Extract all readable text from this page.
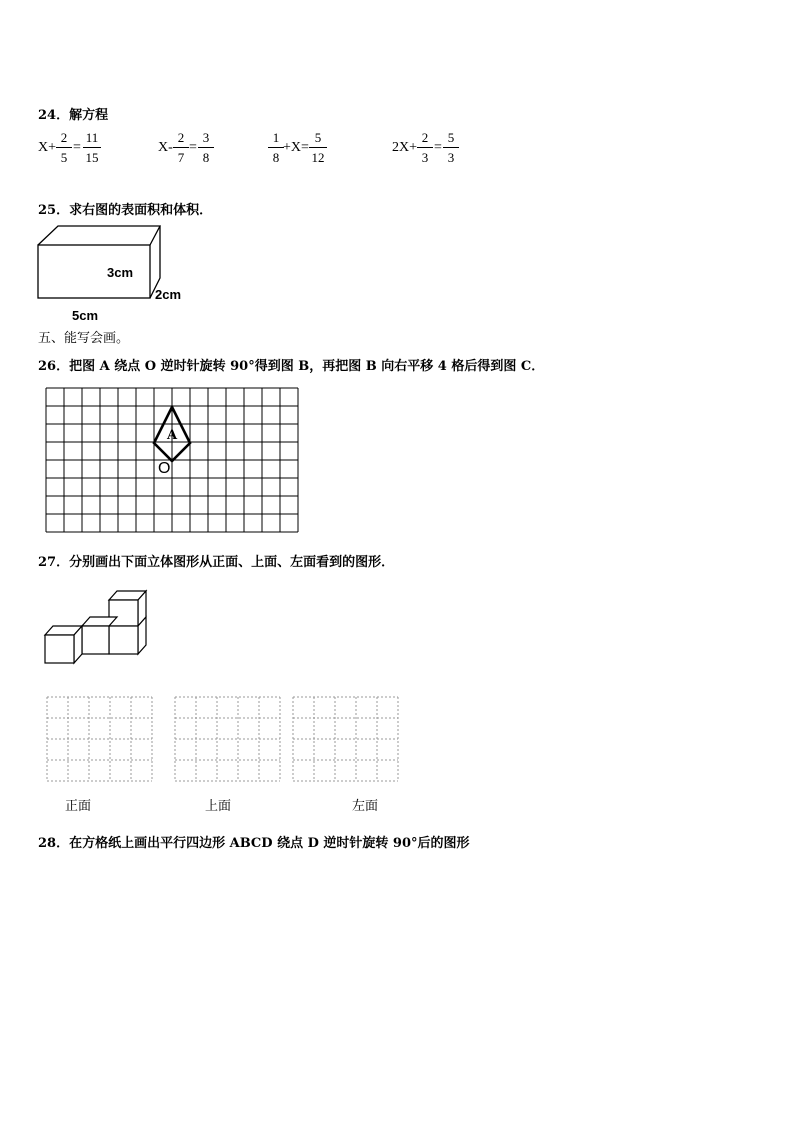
24．解方程
X+
2
5
=
11
15
X-
2
7
=
3
8
1
8
+X=
5
12
2X+
2
3
=
5
3
25．求右图的表面积和体积．
3cm
2cm
5cm
五、能写会画。
26．把图 A 绕点 O 逆时针旋转 90°得到图 B，再把图 B 向右平移 4 格后得到图 C．
A
O
27．分别画出下面立体图形从正面、上面、左面看到的图形．
正面	上面	左面
28．在方格纸上画出平行四边形 ABCD 绕点 D 逆时针旋转 90°后的图形
